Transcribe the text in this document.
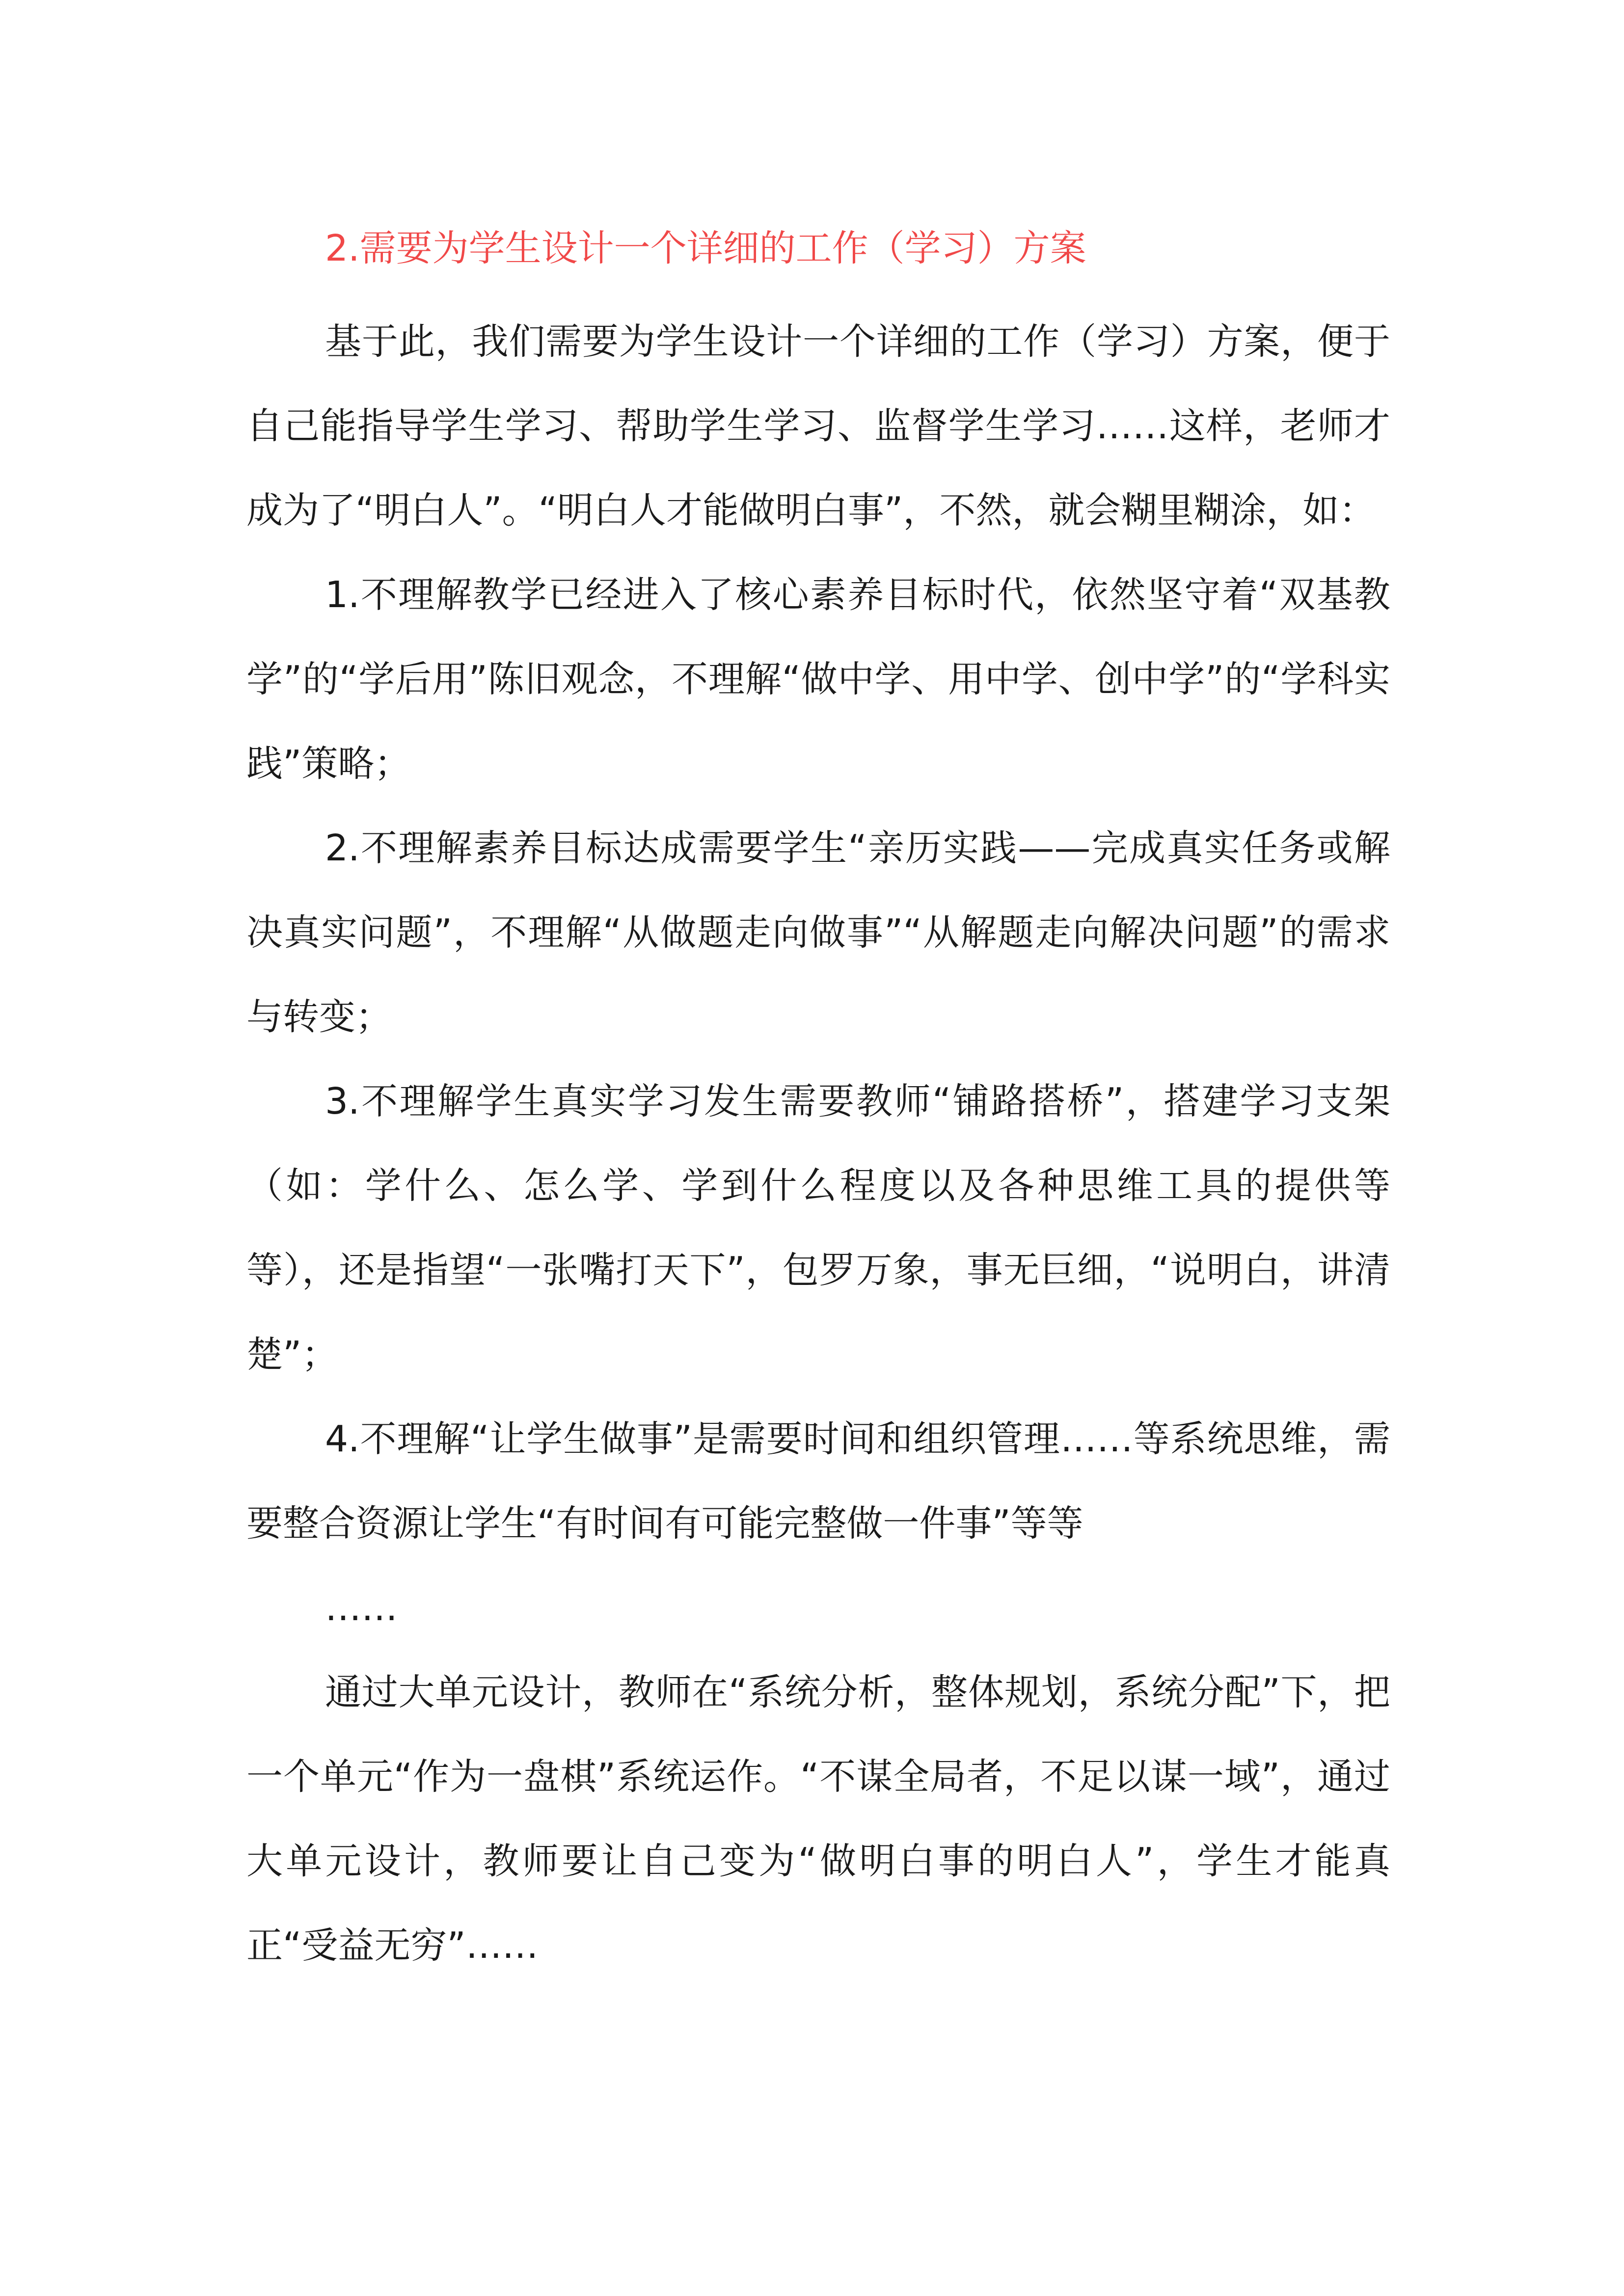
2.需要为学生设计一个详细的工作（学习）方案

基于此，我们需要为学生设计一个详细的工作（学习）方案，便于自己能指导学生学习、帮助学生学习、监督学生学习……这样，老师才成为了“明白人”。“明白人才能做明白事”，不然，就会糊里糊涂，如：

1.不理解教学已经进入了核心素养目标时代，依然坚守着“双基教学”的“学后用”陈旧观念，不理解“做中学、用中学、创中学”的“学科实践”策略；

2.不理解素养目标达成需要学生“亲历实践——完成真实任务或解决真实问题”，不理解“从做题走向做事”“从解题走向解决问题”的需求与转变；

3.不理解学生真实学习发生需要教师“铺路搭桥”，搭建学习支架（如：学什么、怎么学、学到什么程度以及各种思维工具的提供等等），还是指望“一张嘴打天下”，包罗万象，事无巨细，“说明白，讲清楚”；

4.不理解“让学生做事”是需要时间和组织管理……等系统思维，需要整合资源让学生“有时间有可能完整做一件事”等等

……

通过大单元设计，教师在“系统分析，整体规划，系统分配”下，把一个单元“作为一盘棋”系统运作。“不谋全局者，不足以谋一域”，通过大单元设计，教师要让自己变为“做明白事的明白人”，学生才能真正“受益无穷”……
